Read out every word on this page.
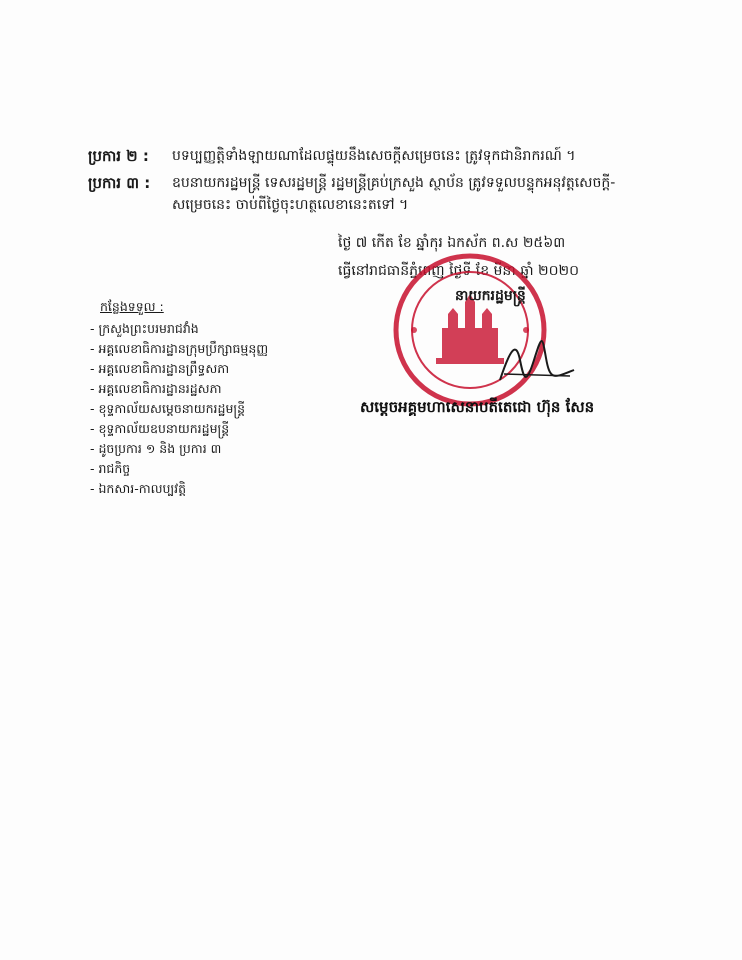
ប្រការ ២ : បទប្បញ្ញត្តិទាំងឡាយណាដែលផ្ទុយនឹងសេចក្តីសម្រេចនេះ ត្រូវទុកជានិរាករណ៍ ។
ប្រការ ៣ : ឧបនាយករដ្ឋមន្ត្រី ទេសរដ្ឋមន្ត្រី រដ្ឋមន្ត្រីគ្រប់ក្រសួង ស្ថាប័ន ត្រូវទទួលបន្ទុកអនុវត្តសេចក្តី-
សម្រេចនេះ ចាប់ពីថ្ងៃចុះហត្ថលេខានេះតទៅ ។
ថ្ងៃ ៧ កើត ខែ ឆ្នាំកុរ ឯកស័ក ព.ស ២៥៦៣
ធ្វើនៅរាជធានីភ្នំពេញ ថ្ងៃទី ខែ មីនា ឆ្នាំ ២០២០
នាយករដ្ឋមន្ត្រី
កន្លែងទទួល :
- ក្រសួងព្រះបរមរាជវាំង
- អគ្គលេខាធិការដ្ឋានក្រុមប្រឹក្សាធម្មនុញ្ញ
- អគ្គលេខាធិការដ្ឋានព្រឹទ្ធសភា
- អគ្គលេខាធិការដ្ឋានរដ្ឋសភា
- ខុទ្ទកាល័យសម្តេចនាយករដ្ឋមន្ត្រី
- ខុទ្ទកាល័យឧបនាយករដ្ឋមន្ត្រី
- ដូចប្រការ ១ និង ប្រការ ៣
- រាជកិច្ច
- ឯកសារ-កាលប្បវត្តិ
សម្តេចអគ្គមហាសេនាបតីតេជោ ហ៊ុន សែន
